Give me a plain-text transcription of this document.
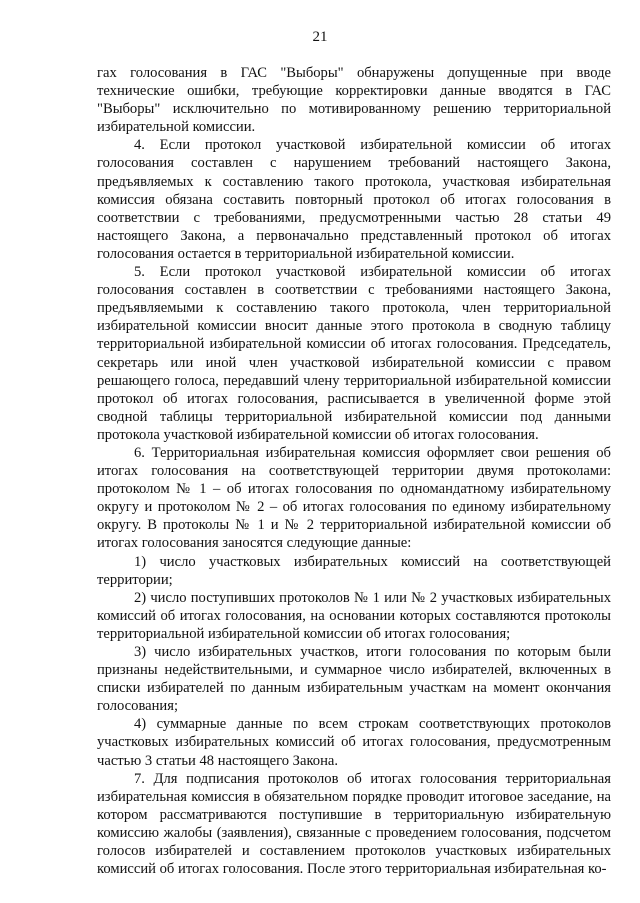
21

гах голосования в ГАС "Выборы" обнаружены допущенные при вводе технические ошибки, требующие корректировки данные вводятся в ГАС "Выборы" исключительно по мотивированному решению территориальной избирательной комиссии.

4. Если протокол участковой избирательной комиссии об итогах голосования составлен с нарушением требований настоящего Закона, предъявляемых к составлению такого протокола, участковая избирательная комиссия обязана составить повторный протокол об итогах голосования в соответствии с требованиями, предусмотренными частью 28 статьи 49 настоящего Закона, а первоначально представленный протокол об итогах голосования остается в территориальной избирательной комиссии.

5. Если протокол участковой избирательной комиссии об итогах голосования составлен в соответствии с требованиями настоящего Закона, предъявляемыми к составлению такого протокола, член территориальной избирательной комиссии вносит данные этого протокола в сводную таблицу территориальной избирательной комиссии об итогах голосования. Председатель, секретарь или иной член участковой избирательной комиссии с правом решающего голоса, передавший члену территориальной избирательной комиссии протокол об итогах голосования, расписывается в увеличенной форме этой сводной таблицы территориальной избирательной комиссии под данными протокола участковой избирательной комиссии об итогах голосования.

6. Территориальная избирательная комиссия оформляет свои решения об итогах голосования на соответствующей территории двумя протоколами: протоколом № 1 – об итогах голосования по одномандатному избирательному округу и протоколом № 2 – об итогах голосования по единому избирательному округу. В протоколы № 1 и № 2 территориальной избирательной комиссии об итогах голосования заносятся следующие данные:

1) число участковых избирательных комиссий на соответствующей территории;

2) число поступивших протоколов № 1 или № 2 участковых избирательных комиссий об итогах голосования, на основании которых составляются протоколы территориальной избирательной комиссии об итогах голосования;

3) число избирательных участков, итоги голосования по которым были признаны недействительными, и суммарное число избирателей, включенных в списки избирателей по данным избирательным участкам на момент окончания голосования;

4) суммарные данные по всем строкам соответствующих протоколов участковых избирательных комиссий об итогах голосования, предусмотренным частью 3 статьи 48 настоящего Закона.

7. Для подписания протоколов об итогах голосования территориальная избирательная комиссия в обязательном порядке проводит итоговое заседание, на котором рассматриваются поступившие в территориальную избирательную комиссию жалобы (заявления), связанные с проведением голосования, подсчетом голосов избирателей и составлением протоколов участковых избирательных комиссий об итогах голосования. После этого территориальная избирательная ко-
